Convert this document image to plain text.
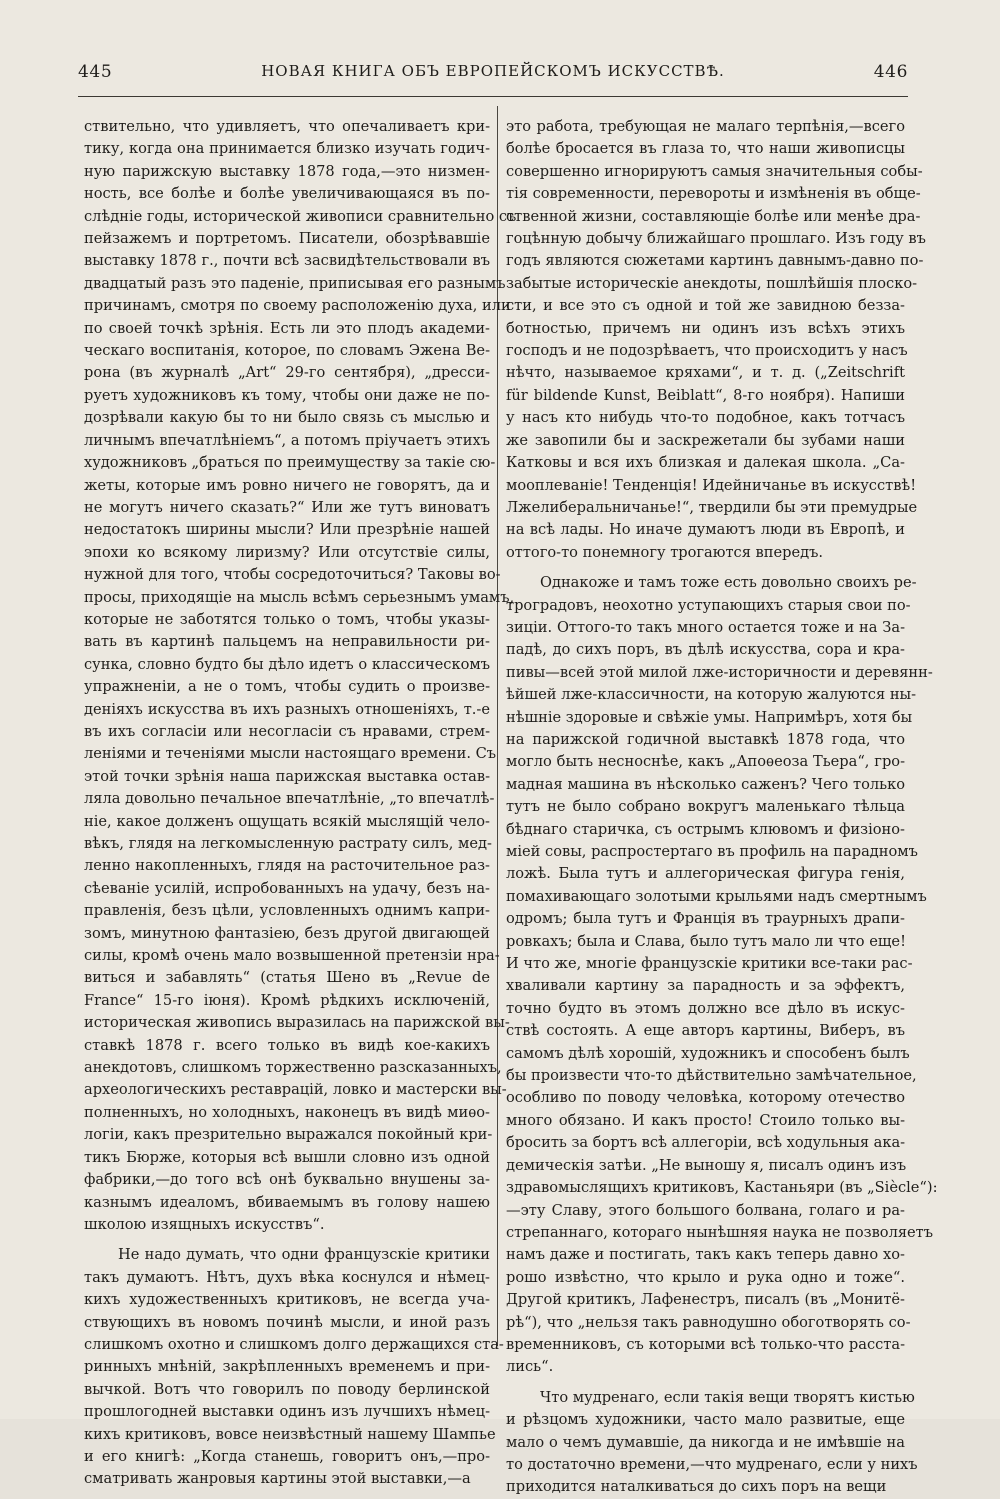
445	НОВАЯ КНИГА ОБЪ ЕВРОПЕЙСКОМЪ ИСКУССТВѢ.	446
ствительно, что удивляетъ, что опечаливаетъ кри-
тику, когда она принимается близко изучать годич-
ную парижскую выставку 1878 года,—это низмен-
ность, все болѣе и болѣе увеличивающаяся въ по-
слѣдніе годы, исторической живописи сравнительно съ
пейзажемъ и портретомъ. Писатели, обозрѣвавшіе
выставку 1878 г., почти всѣ засвидѣтельствовали въ
двадцатый разъ это паденіе, приписывая его разнымъ
причинамъ, смотря по своему расположенію духа, или
по своей точкѣ зрѣнія. Есть ли это плодъ академи-
ческаго воспитанія, которое, по словамъ Эжена Ве-
рона (въ журналѣ „Art“ 29-го сентября), „дресси-
руетъ художниковъ къ тому, чтобы они даже не по-
дозрѣвали какую бы то ни было связь съ мыслью и
личнымъ впечатлѣніемъ“, а потомъ пріучаетъ этихъ
художниковъ „браться по преимуществу за такіе сю-
жеты, которые имъ ровно ничего не говорятъ, да и
не могутъ ничего сказать?“ Или же тутъ виноватъ
недостатокъ ширины мысли? Или презрѣніе нашей
эпохи ко всякому лиризму? Или отсутствіе силы,
нужной для того, чтобы сосредоточиться? Таковы во-
просы, приходящіе на мысль всѣмъ серьезнымъ умамъ,
которые не заботятся только о томъ, чтобы указы-
вать въ картинѣ пальцемъ на неправильности ри-
сунка, словно будто бы дѣло идетъ о классическомъ
упражненіи, а не о томъ, чтобы судить о произве-
деніяхъ искусства въ ихъ разныхъ отношеніяхъ, т.-е
въ ихъ согласіи или несогласіи съ нравами, стрем-
леніями и теченіями мысли настоящаго времени. Съ
этой точки зрѣнія наша парижская выставка остав-
ляла довольно печальное впечатлѣніе, „то впечатлѣ-
ніе, какое долженъ ощущать всякій мыслящій чело-
вѣкъ, глядя на легкомысленную растрату силъ, мед-
ленно накопленныхъ, глядя на расточительное раз-
сѣеваніе усилій, испробованныхъ на удачу, безъ на-
правленія, безъ цѣли, условленныхъ однимъ капри-
зомъ, минутною фантазіею, безъ другой двигающей
силы, кромѣ очень мало возвышенной претензіи нра-
виться и забавлять“ (статья Шено въ „Revue de
France“ 15-го іюня). Кромѣ рѣдкихъ исключеній,
историческая живопись выразилась на парижской вы-
ставкѣ 1878 г. всего только въ видѣ кое-какихъ
анекдотовъ, слишкомъ торжественно разсказанныхъ,
археологическихъ реставрацій, ловко и мастерски вы-
полненныхъ, но холодныхъ, наконецъ въ видѣ миѳо-
логіи, какъ презрительно выражался покойный кри-
тикъ Бюрже, которыя всѣ вышли словно изъ одной
фабрики,—до того всѣ онѣ буквально внушены за-
казнымъ идеаломъ, вбиваемымъ въ голову нашею
школою изящныхъ искусствъ“.
Не надо думать, что одни французскіе критики
такъ думаютъ. Нѣтъ, духъ вѣка коснулся и нѣмец-
кихъ художественныхъ критиковъ, не всегда уча-
ствующихъ въ новомъ починѣ мысли, и иной разъ
слишкомъ охотно и слишкомъ долго держащихся ста-
ринныхъ мнѣній, закрѣпленныхъ временемъ и при-
вычкой. Вотъ что говорилъ по поводу берлинской
прошлогодней выставки одинъ изъ лучшихъ нѣмец-
кихъ критиковъ, вовсе неизвѣстный нашему Шампье
и его книгѣ: „Когда станешь, говоритъ онъ,—про-
сматривать жанровыя картины этой выставки,—а
это работа, требующая не малаго терпѣнія,—всего
болѣе бросается въ глаза то, что наши живописцы
совершенно игнорируютъ самыя значительныя собы-
тія современности, перевороты и измѣненія въ обще-
ственной жизни, составляющіе болѣе или менѣе дра-
гоцѣнную добычу ближайшаго прошлаго. Изъ году въ
годъ являются сюжетами картинъ давнымъ-давно по-
забытые историческіе анекдоты, пошлѣйшія плоско-
сти, и все это съ одной и той же завидною безза-
ботностью, причемъ ни одинъ изъ всѣхъ этихъ
господъ и не подозрѣваетъ, что происходитъ у насъ
нѣчто, называемое кряхами“, и т. д. („Zeitschrift
für bildende Kunst, Beiblatt“, 8-го ноября). Напиши
у насъ кто нибудь что-то подобное, какъ тотчасъ
же завопили бы и заскрежетали бы зубами наши
Катковы и вся ихъ близкая и далекая школа. „Са-
мооплеваніе! Тенденція! Идейничанье въ искусствѣ!
Лжелиберальничанье!“, твердили бы эти премудрые
на всѣ лады. Но иначе думаютъ люди въ Европѣ, и
оттого-то понемногу трогаются впередъ.
Однакоже и тамъ тоже есть довольно своихъ ре-
троградовъ, неохотно уступающихъ старыя свои по-
зиціи. Оттого-то такъ много остается тоже и на За-
падѣ, до сихъ поръ, въ дѣлѣ искусства, сора и кра-
пивы—всей этой милой лже-историчности и деревянн-
ѣйшей лже-классичности, на которую жалуются ны-
нѣшніе здоровые и свѣжіе умы. Напримѣръ, хотя бы
на парижской годичной выставкѣ 1878 года, что
могло быть несноснѣе, какъ „Апоѳеоза Тьера“, гро-
мадная машина въ нѣсколько саженъ? Чего только
тутъ не было собрано вокругъ маленькаго тѣльца
бѣднаго старичка, съ острымъ клювомъ и физіоно-
міей совы, распростертаго въ профиль на парадномъ
ложѣ. Была тутъ и аллегорическая фигура генія,
помахивающаго золотыми крыльями надъ смертнымъ
одромъ; была тутъ и Франція въ траурныхъ драпи-
ровкахъ; была и Слава, было тутъ мало ли что еще!
И что же, многіе французскіе критики все-таки рас-
хваливали картину за парадность и за эффектъ,
точно будто въ этомъ должно все дѣло въ искус-
ствѣ состоять. А еще авторъ картины, Виберъ, въ
самомъ дѣлѣ хорошій, художникъ и способенъ былъ
бы произвести что-то дѣйствительно замѣчательное,
особливо по поводу человѣка, которому отечество
много обязано. И какъ просто! Стоило только вы-
бросить за бортъ всѣ аллегоріи, всѣ ходульныя ака-
демическія затѣи. „Не выношу я, писалъ одинъ изъ
здравомыслящихъ критиковъ, Кастаньяри (въ „Siècle“):
—эту Славу, этого большого болвана, голаго и ра-
стрепаннаго, котораго нынѣшняя наука не позволяетъ
намъ даже и постигать, такъ какъ теперь давно хо-
рошо извѣстно, что крыло и рука одно и тоже“.
Другой критикъ, Лафенестръ, писалъ (въ „Монитё-
рѣ“), что „нельзя такъ равнодушно обоготворять со-
временниковъ, съ которыми всѣ только-что расста-
лись“.
Что мудренаго, если такія вещи творятъ кистью
и рѣзцомъ художники, часто мало развитые, еще
мало о чемъ думавшіе, да никогда и не имѣвшіе на
то достаточно времени,—что мудренаго, если у нихъ
приходится наталкиваться до сихъ поръ на вещи
